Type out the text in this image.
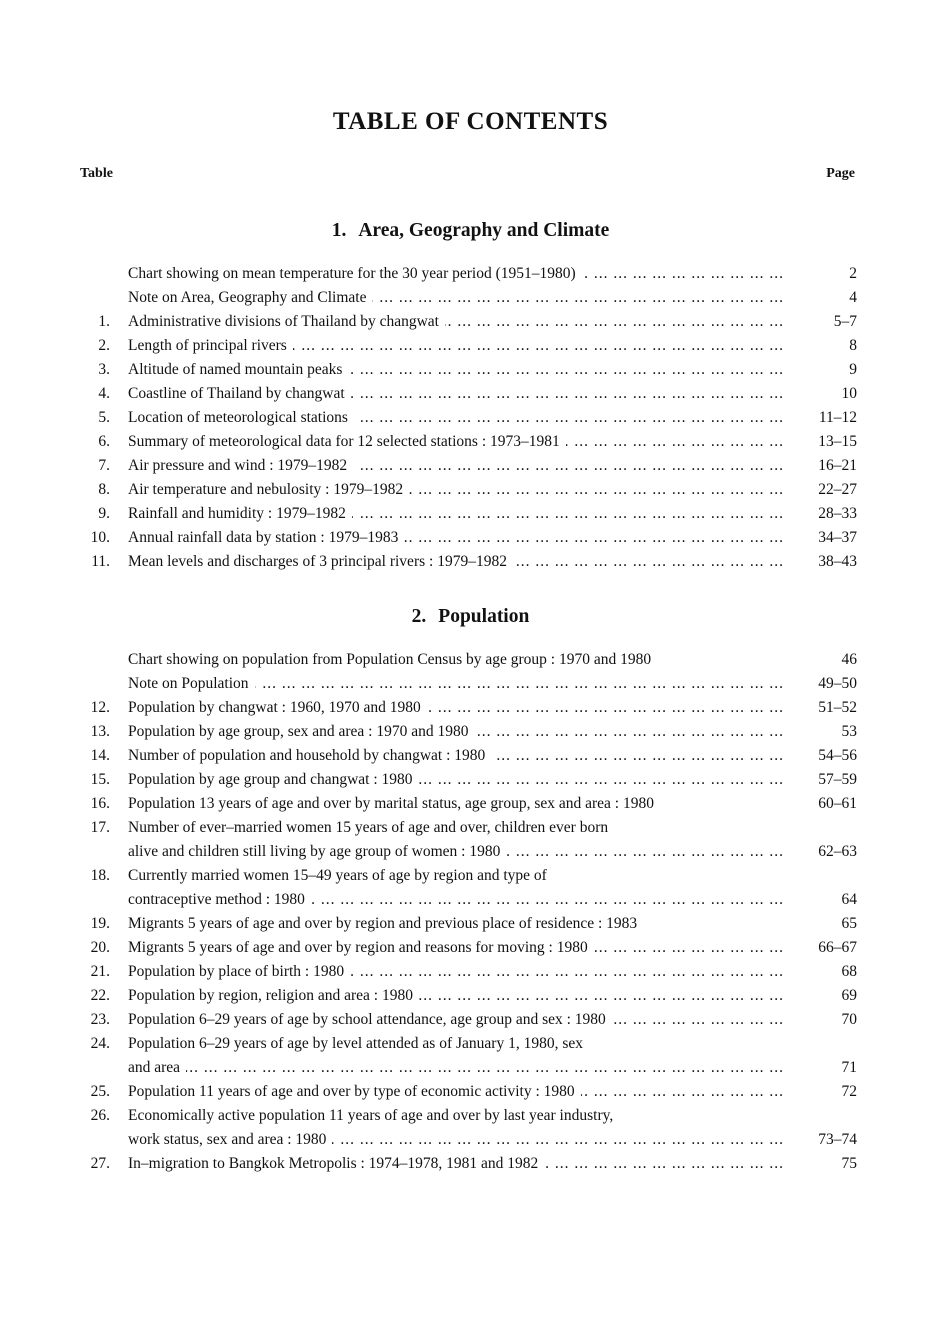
TABLE OF CONTENTS
Table	Page
1. Area, Geography and Climate
Chart showing on mean temperature for the 30 year period (1951–1980) ... .	2
Note on Area, Geography and Climate ... .	4
1. Administrative divisions of Thailand by changwat ... .	5–7
2. Length of principal rivers ... .	8
3. Altitude of named mountain peaks ... .	9
4. Coastline of Thailand by changwat ... .	10
5. Location of meteorological stations ... .	11–12
6. Summary of meteorological data for 12 selected stations : 1973–1981 ... .	13–15
7. Air pressure and wind : 1979–1982 ... .	16–21
8. Air temperature and nebulosity : 1979–1982 ... .	22–27
9. Rainfall and humidity : 1979–1982 ... .	28–33
10. Annual rainfall data by station : 1979–1983 ... .	34–37
11. Mean levels and discharges of 3 principal rivers : 1979–1982 ... .	38–43
2. Population
Chart showing on population from Population Census by age group : 1970 and 1980	46
Note on Population ... .	49–50
12. Population by changwat : 1960, 1970 and 1980 ... .	51–52
13. Population by age group, sex and area : 1970 and 1980 ... .	53
14. Number of population and household by changwat : 1980 ... .	54–56
15. Population by age group and changwat : 1980 ... .	57–59
16. Population 13 years of age and over by marital status, age group, sex and area : 1980	60–61
17. Number of ever–married women 15 years of age and over, children ever born
alive and children still living by age group of women : 1980 ... .	62–63
18. Currently married women 15–49 years of age by region and type of
contraceptive method : 1980 ... .	64
19. Migrants 5 years of age and over by region and previous place of residence : 1983	65
20. Migrants 5 years of age and over by region and reasons for moving : 1980 ... .	66–67
21. Population by place of birth : 1980 ... .	68
22. Population by region, religion and area : 1980 ... .	69
23. Population 6–29 years of age by school attendance, age group and sex : 1980 ... .	70
24. Population 6–29 years of age by level attended as of January 1, 1980, sex
and area ... .	71
25. Population 11 years of age and over by type of economic activity : 1980 ... .	72
26. Economically active population 11 years of age and over by last year industry,
work status, sex and area : 1980 ... .	73–74
27. In–migration to Bangkok Metropolis : 1974–1978, 1981 and 1982 ... .	75
